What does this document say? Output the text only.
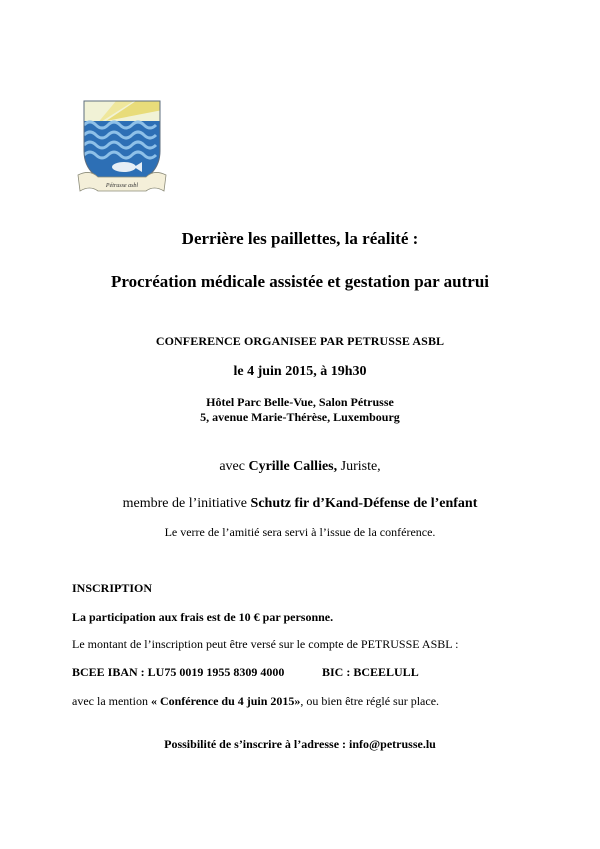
Pétrusse asbl
Derrière les paillettes, la réalité :
Procréation médicale assistée et gestation par autrui
CONFERENCE ORGANISEE PAR PETRUSSE ASBL
le 4 juin 2015, à 19h30
Hôtel Parc Belle-Vue, Salon Pétrusse
5, avenue Marie-Thérèse, Luxembourg
avec Cyrille Callies, Juriste,
membre de l’initiative Schutz fir d’Kand-Défense de l’enfant
Le verre de l’amitié sera servi à l’issue de la conférence.
INSCRIPTION
La participation aux frais est de 10 € par personne.
Le montant de l’inscription peut être versé sur le compte de PETRUSSE ASBL :
BCEE IBAN : LU75 0019 1955 8309 4000	BIC : BCEELULL
avec la mention « Conférence du 4 juin 2015», ou bien être réglé sur place.
Possibilité de s’inscrire à l’adresse : info@petrusse.lu
